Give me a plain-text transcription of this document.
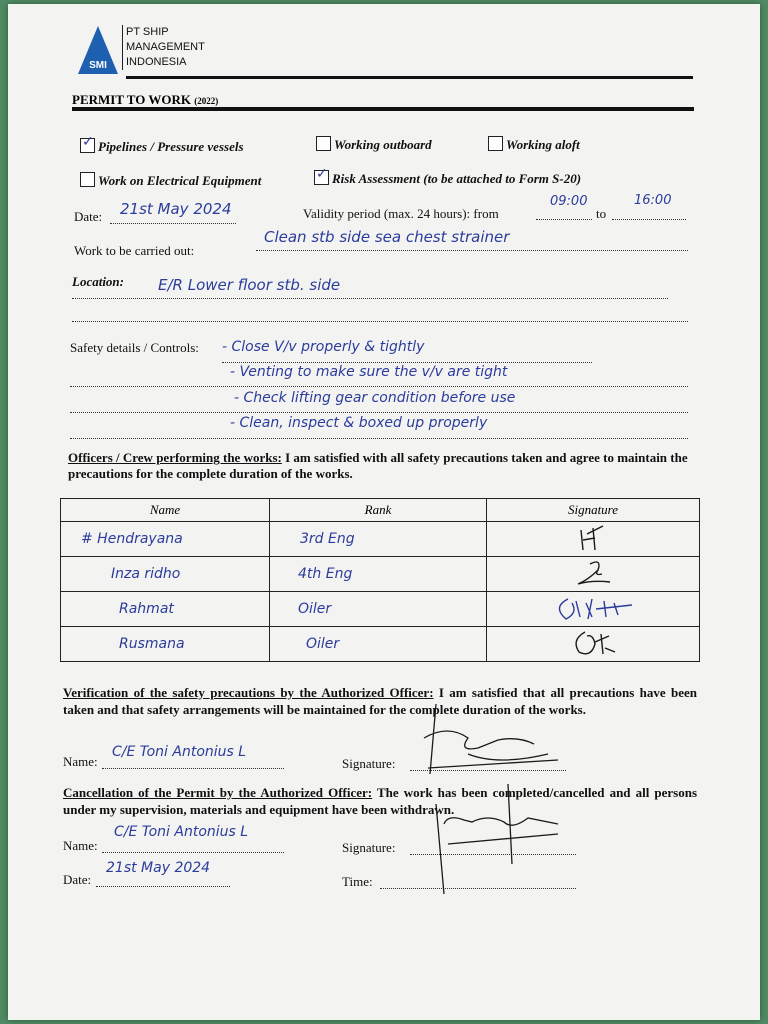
SMI
PT SHIP
MANAGEMENT
INDONESIA
PERMIT TO WORK (2022)
✓ Pipelines / Pressure vessels	Working outboard	Working aloft
Work on Electrical Equipment	✓ Risk Assessment (to be attached to Form S-20)
Date: 21st May 2024	Validity period (max. 24 hours): from
09:00
to
16:00
Work to be carried out:
Clean stb side sea chest strainer
Location: E/R Lower floor stb. side
Safety details / Controls: - Close V/v properly & tightly
- Venting to make sure the v/v are tight
- Check lifting gear condition before use
- Clean, inspect & boxed up properly
Officers / Crew performing the works: I am satisfied with all safety precautions taken and agree to maintain the precautions for the complete duration of the works.
Name	Rank	Signature
# Hendrayana	3rd Eng	

Inza ridho	4th Eng	

Rahmat	Oiler	

Rusmana	Oiler	
Verification of the safety precautions by the Authorized Officer: I am satisfied that all precautions have been taken and that safety arrangements will be maintained for the complete duration of the works.
Name:
C/E Toni Antonius L
Signature:
Cancellation of the Permit by the Authorized Officer: The work has been completed/cancelled and all persons under my supervision, materials and equipment have been withdrawn.
Name:
C/E Toni Antonius L
Signature:
Date:
21st May 2024
Time:
